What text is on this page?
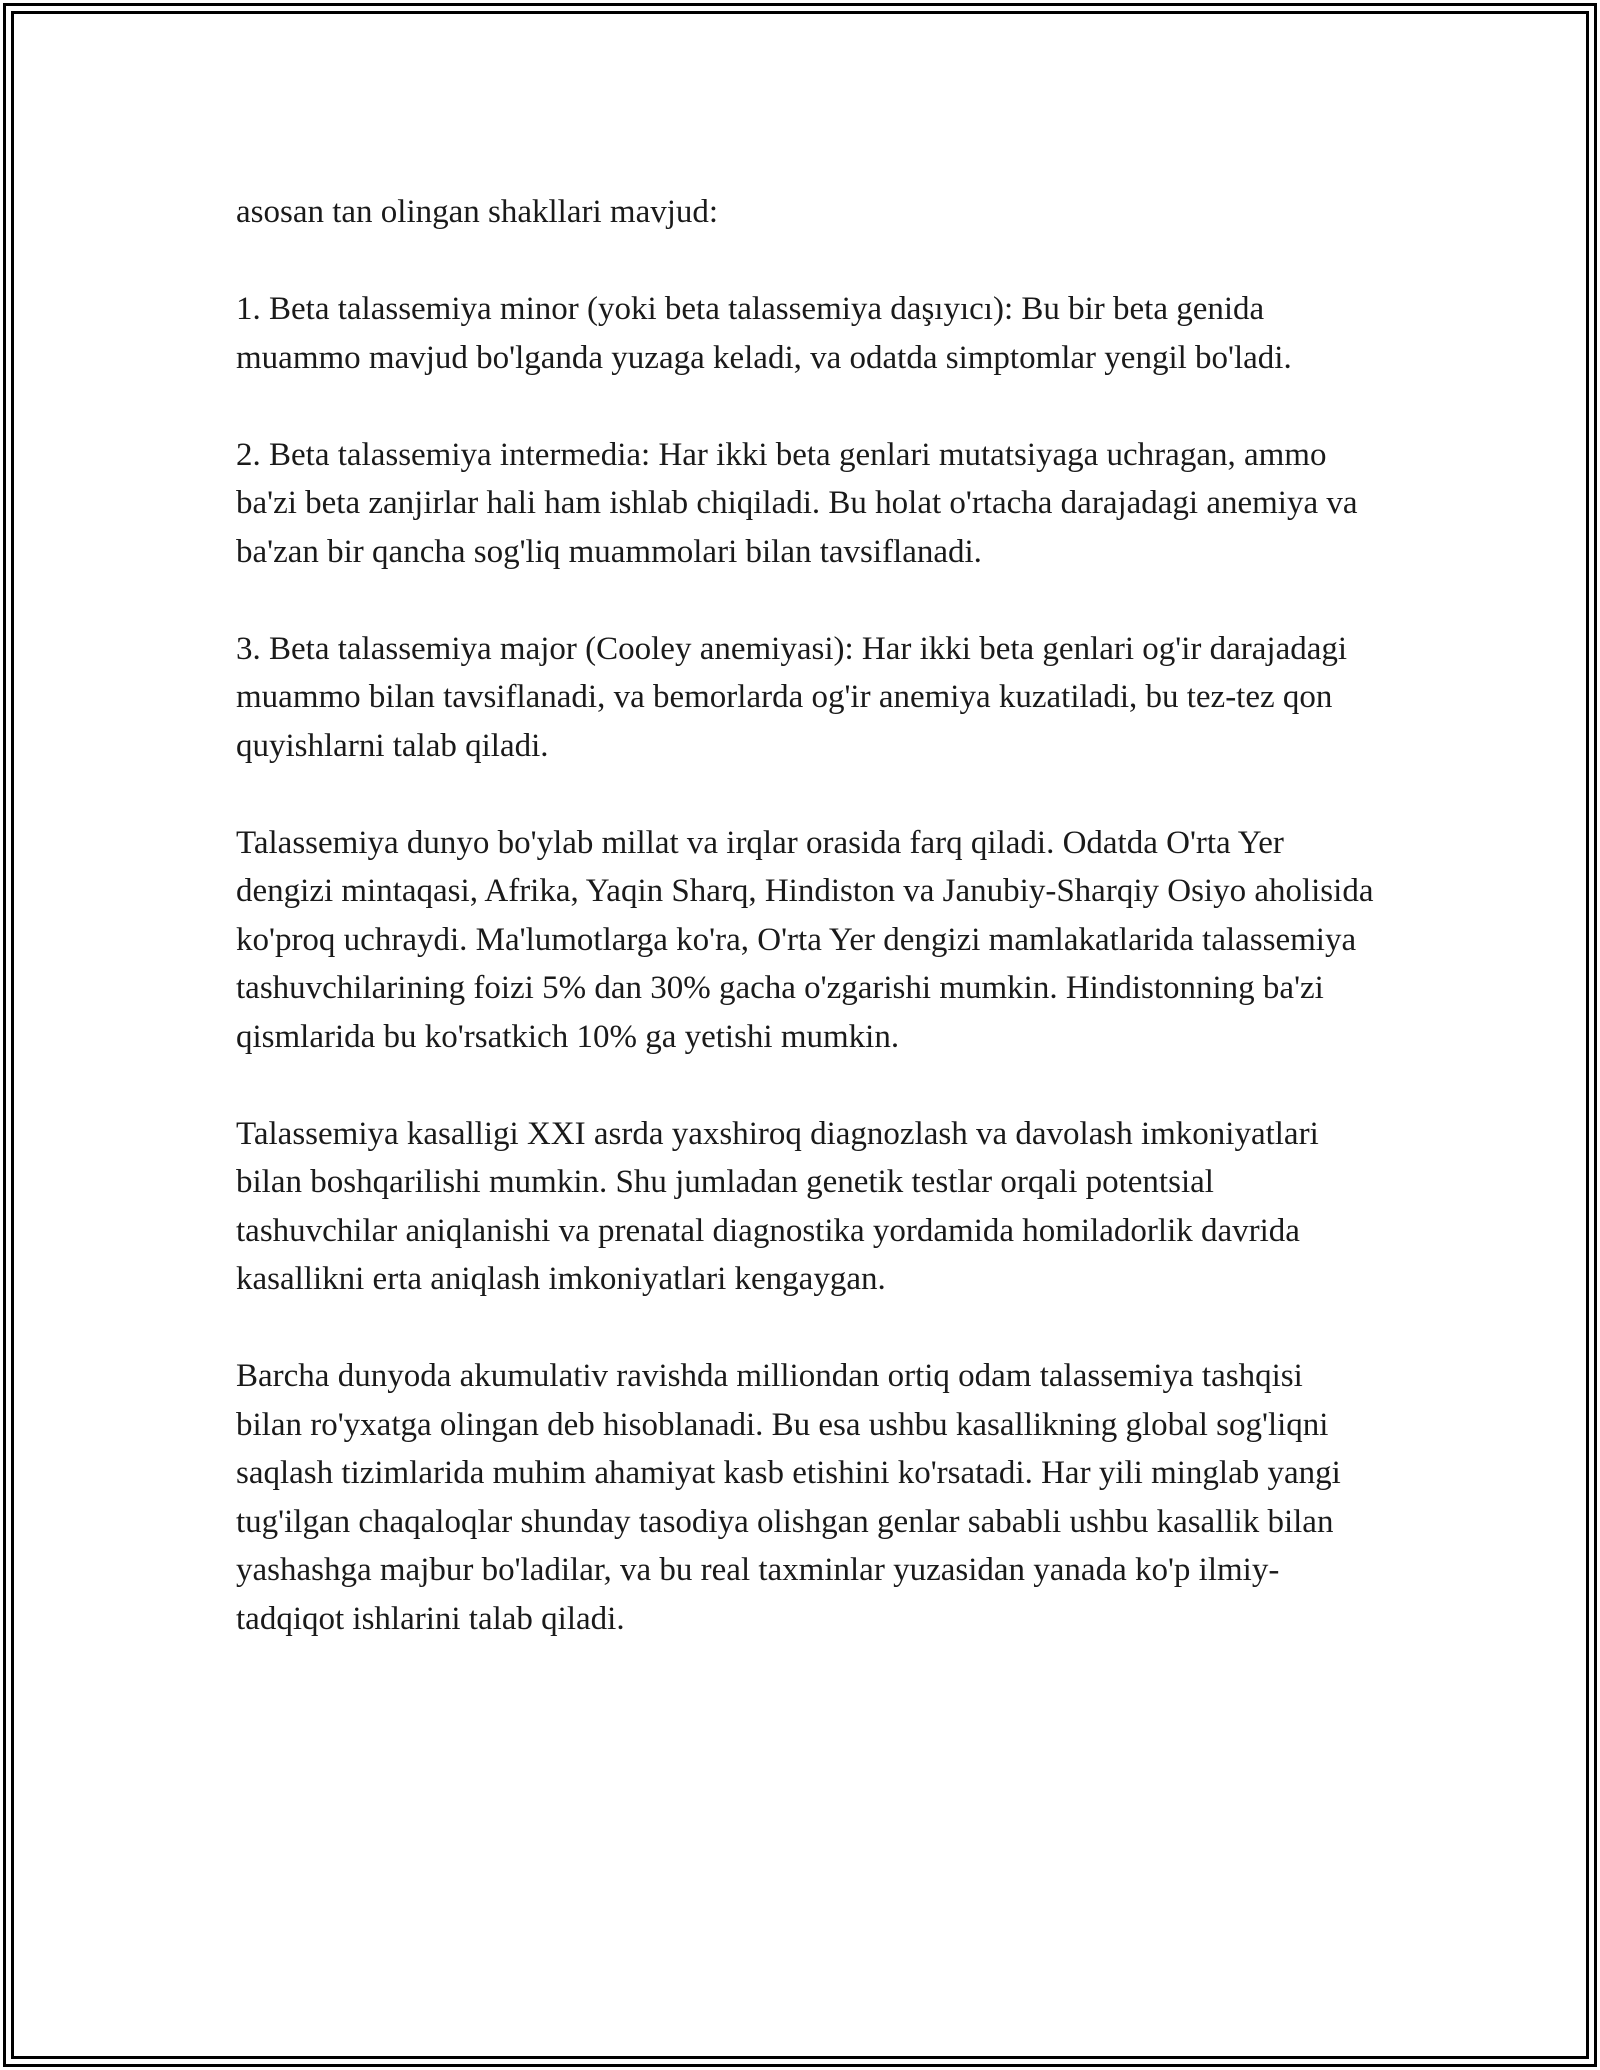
asosan tan olingan shakllari mavjud:

1. Beta talassemiya minor (yoki beta talassemiya daşıyıcı): Bu bir beta genida muammo mavjud bo'lganda yuzaga keladi, va odatda simptomlar yengil bo'ladi.

2. Beta talassemiya intermedia: Har ikki beta genlari mutatsiyaga uchragan, ammo ba'zi beta zanjirlar hali ham ishlab chiqiladi. Bu holat o'rtacha darajadagi anemiya va ba'zan bir qancha sog'liq muammolari bilan tavsiflanadi.

3. Beta talassemiya major (Cooley anemiyasi): Har ikki beta genlari og'ir darajadagi muammo bilan tavsiflanadi, va bemorlarda og'ir anemiya kuzatiladi, bu tez-tez qon quyishlarni talab qiladi.

Talassemiya dunyo bo'ylab millat va irqlar orasida farq qiladi. Odatda O'rta Yer dengizi mintaqasi, Afrika, Yaqin Sharq, Hindiston va Janubiy-Sharqiy Osiyo aholisida ko'proq uchraydi. Ma'lumotlarga ko'ra, O'rta Yer dengizi mamlakatlarida talassemiya tashuvchilarining foizi 5% dan 30% gacha o'zgarishi mumkin. Hindistonning ba'zi qismlarida bu ko'rsatkich 10% ga yetishi mumkin.

Talassemiya kasalligi XXI asrda yaxshiroq diagnozlash va davolash imkoniyatlari bilan boshqarilishi mumkin. Shu jumladan genetik testlar orqali potentsial tashuvchilar aniqlanishi va prenatal diagnostika yordamida homiladorlik davrida kasallikni erta aniqlash imkoniyatlari kengaygan.

Barcha dunyoda akumulativ ravishda milliondan ortiq odam talassemiya tashqisi bilan ro'yxatga olingan deb hisoblanadi. Bu esa ushbu kasallikning global sog'liqni saqlash tizimlarida muhim ahamiyat kasb etishini ko'rsatadi. Har yili minglab yangi tug'ilgan chaqaloqlar shunday tasodiya olishgan genlar sababli ushbu kasallik bilan yashashga majbur bo'ladilar, va bu real taxminlar yuzasidan yanada ko'p ilmiy-tadqiqot ishlarini talab qiladi.
